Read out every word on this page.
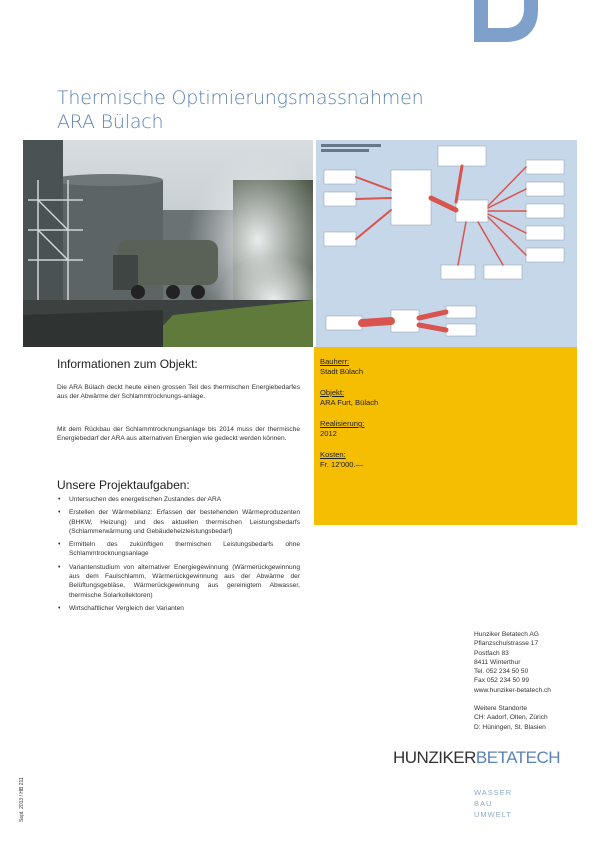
Thermische Optimierungsmassnahmen
ARA Bülach
Informationen zum Objekt:
Die ARA Bülach deckt heute einen grossen Teil des thermischen Energiebedarfes aus der Abwärme der Schlammtrocknungs-anlage.
Mit dem Rückbau der Schlammtrocknungsanlage bis 2014 muss der thermische Energiebedarf der ARA aus alternativen Energien wie gedeckt werden können.
Unsere Projektaufgaben:
• Untersuchen des energetischen Zustandes der ARA
• Erstellen der Wärmebilanz: Erfassen der bestehenden Wärmeproduzenten (BHKW, Heizung) und des aktuellen thermischen Leistungsbedarfs (Schlammerwärmung und Gebäudeheizleistungsbedarf)
• Ermitteln des zukünftigen thermischen Leistungsbedarfs ohne Schlammtrocknungsanlage
• Variantenstudium von alternativer Energiegewinnung (Wärmerückgewinnung aus dem Faulschlamm, Wärmerückgewinnung aus der Abwärme der Belüftungsgebläse, Wärmerückgewinnung aus gereinigtem Abwasser, thermische Solarkollektoren)
• Wirtschaftlicher Vergleich der Varianten
Bauherr:
Stadt Bülach
Objekt:
ARA Furt, Bülach
Realisierung:
2012
Kosten:
Fr. 12'000.—
Hunziker Betatech AG
Pflanzschulstrasse 17
Postfach 83
8411 Winterthur
Tel. 052 234 50 50
Fax 052 234 50 99
www.hunziker-betatech.ch
Weitere Standorte
CH: Aadorf, Olten, Zürich
D: Hüningen, St. Blasien
HUNZIKERBETATECH
WASSER
BAU
UMWELT
Sept. 2013 / HB 211
